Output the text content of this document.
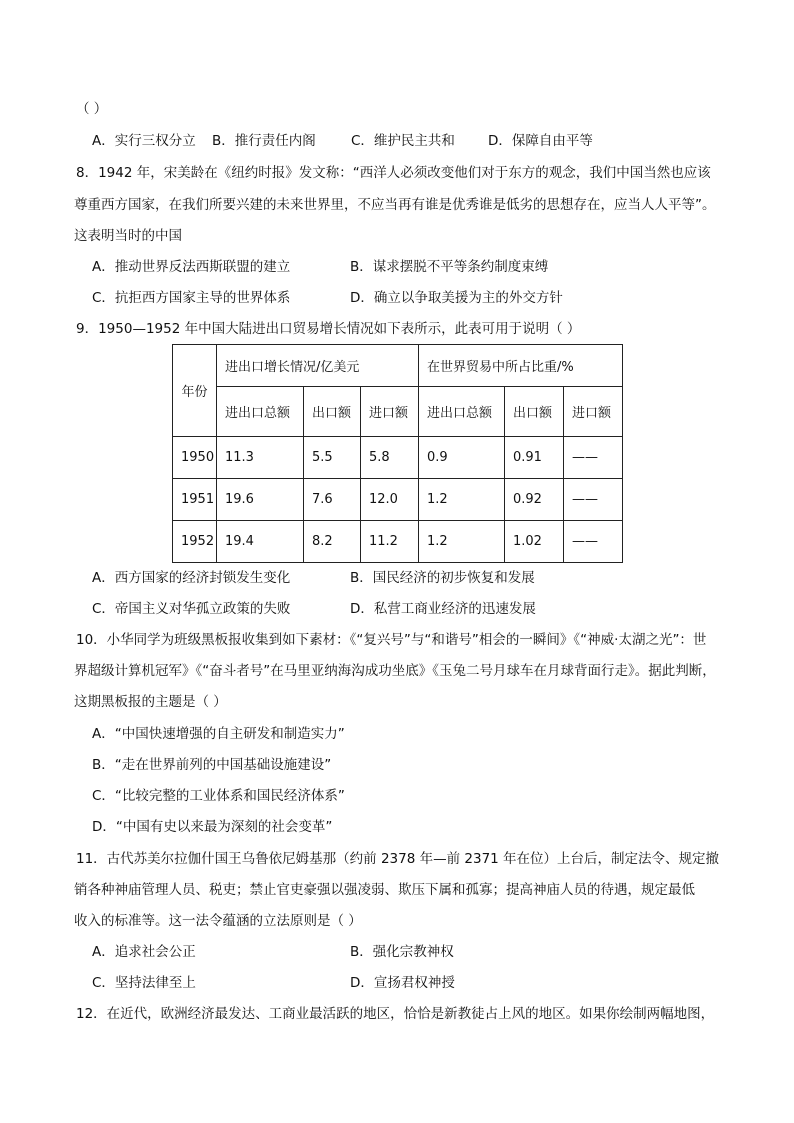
（ ）
A．实行三权分立 B．推行责任内阁	C．维护民主共和 D．保障自由平等
8．1942 年，宋美龄在《纽约时报》发文称：“西洋人必须改变他们对于东方的观念，我们中国当然也应该
尊重西方国家，在我们所要兴建的未来世界里，不应当再有谁是优秀谁是低劣的思想存在，应当人人平等”。
这表明当时的中国
A．推动世界反法西斯联盟的建立	B．谋求摆脱不平等条约制度束缚
C．抗拒西方国家主导的世界体系	D．确立以争取美援为主的外交方针
9．1950—1952 年中国大陆进出口贸易增长情况如下表所示，此表可用于说明（ ）
年份	进出口增长情况/亿美元			在世界贸易中所占比重/%		
	进出口总额	出口额	进口额	进出口总额	出口额	进口额
1950	11.3	5.5	5.8	0.9	0.91	——
1951	19.6	7.6	12.0	1.2	0.92	——
1952	19.4	8.2	11.2	1.2	1.02	——
A．西方国家的经济封锁发生变化	B．国民经济的初步恢复和发展
C．帝国主义对华孤立政策的失败	D．私营工商业经济的迅速发展
10．小华同学为班级黑板报收集到如下素材：《“复兴号”与“和谐号”相会的一瞬间》《“神威·太湖之光”：世
界超级计算机冠军》《“奋斗者号”在马里亚纳海沟成功坐底》《玉兔二号月球车在月球背面行走》。据此判断，
这期黑板报的主题是（ ）
A．“中国快速增强的自主研发和制造实力”
B．“走在世界前列的中国基础设施建设”
C．“比较完整的工业体系和国民经济体系”
D．“中国有史以来最为深刻的社会变革”
11．古代苏美尔拉伽什国王乌鲁依尼姆基那（约前 2378 年—前 2371 年在位）上台后，制定法令、规定撤
销各种神庙管理人员、税吏；禁止官吏豪强以强凌弱、欺压下属和孤寡；提高神庙人员的待遇，规定最低
收入的标准等。这一法令蕴涵的立法原则是（ ）
A．追求社会公正	B．强化宗教神权
C．坚持法律至上	D．宣扬君权神授
12．在近代，欧洲经济最发达、工商业最活跃的地区，恰恰是新教徒占上风的地区。如果你绘制两幅地图，
